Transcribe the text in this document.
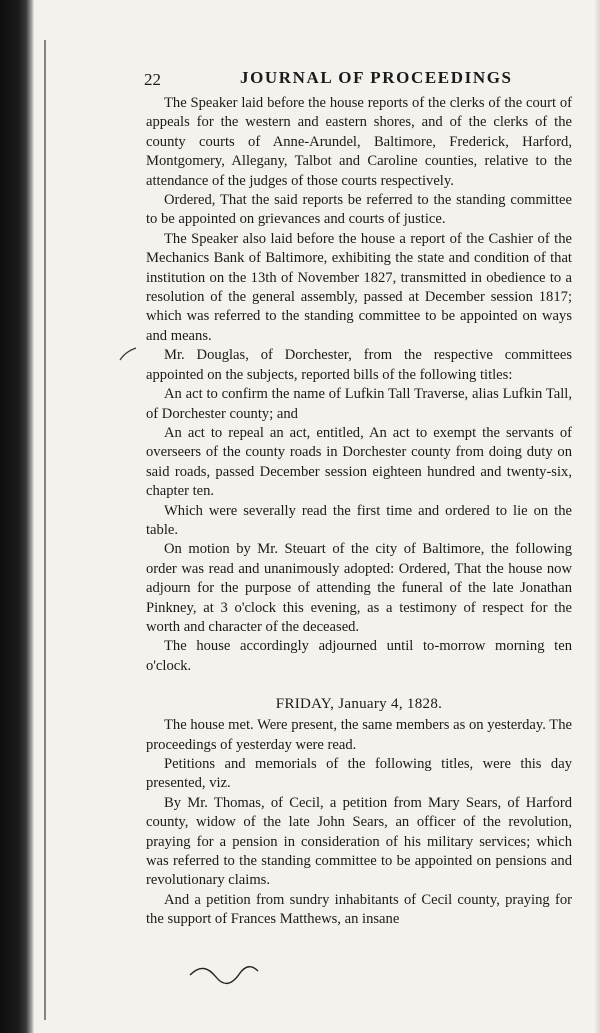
22	JOURNAL OF PROCEEDINGS

The Speaker laid before the house reports of the clerks of the court of appeals for the western and eastern shores, and of the clerks of the county courts of Anne-Arundel, Baltimore, Frederick, Harford, Montgomery, Allegany, Talbot and Caroline counties, relative to the attendance of the judges of those courts respectively.

Ordered, That the said reports be referred to the standing committee to be appointed on grievances and courts of justice.

The Speaker also laid before the house a report of the Cashier of the Mechanics Bank of Baltimore, exhibiting the state and condition of that institution on the 13th of November 1827, transmitted in obedience to a resolution of the general assembly, passed at December session 1817; which was referred to the standing committee to be appointed on ways and means.

Mr. Douglas, of Dorchester, from the respective committees appointed on the subjects, reported bills of the following titles:

An act to confirm the name of Lufkin Tall Traverse, alias Lufkin Tall, of Dorchester county; and

An act to repeal an act, entitled, An act to exempt the servants of overseers of the county roads in Dorchester county from doing duty on said roads, passed December session eighteen hundred and twenty-six, chapter ten.

Which were severally read the first time and ordered to lie on the table.

On motion by Mr. Steuart of the city of Baltimore, the following order was read and unanimously adopted: Ordered, That the house now adjourn for the purpose of attending the funeral of the late Jonathan Pinkney, at 3 o'clock this evening, as a testimony of respect for the worth and character of the deceased.

The house accordingly adjourned until to-morrow morning ten o'clock.

FRIDAY, January 4, 1828.

The house met. Were present, the same members as on yesterday. The proceedings of yesterday were read.

Petitions and memorials of the following titles, were this day presented, viz.

By Mr. Thomas, of Cecil, a petition from Mary Sears, of Harford county, widow of the late John Sears, an officer of the revolution, praying for a pension in consideration of his military services; which was referred to the standing committee to be appointed on pensions and revolutionary claims.

And a petition from sundry inhabitants of Cecil county, praying for the support of Frances Matthews, an insane
